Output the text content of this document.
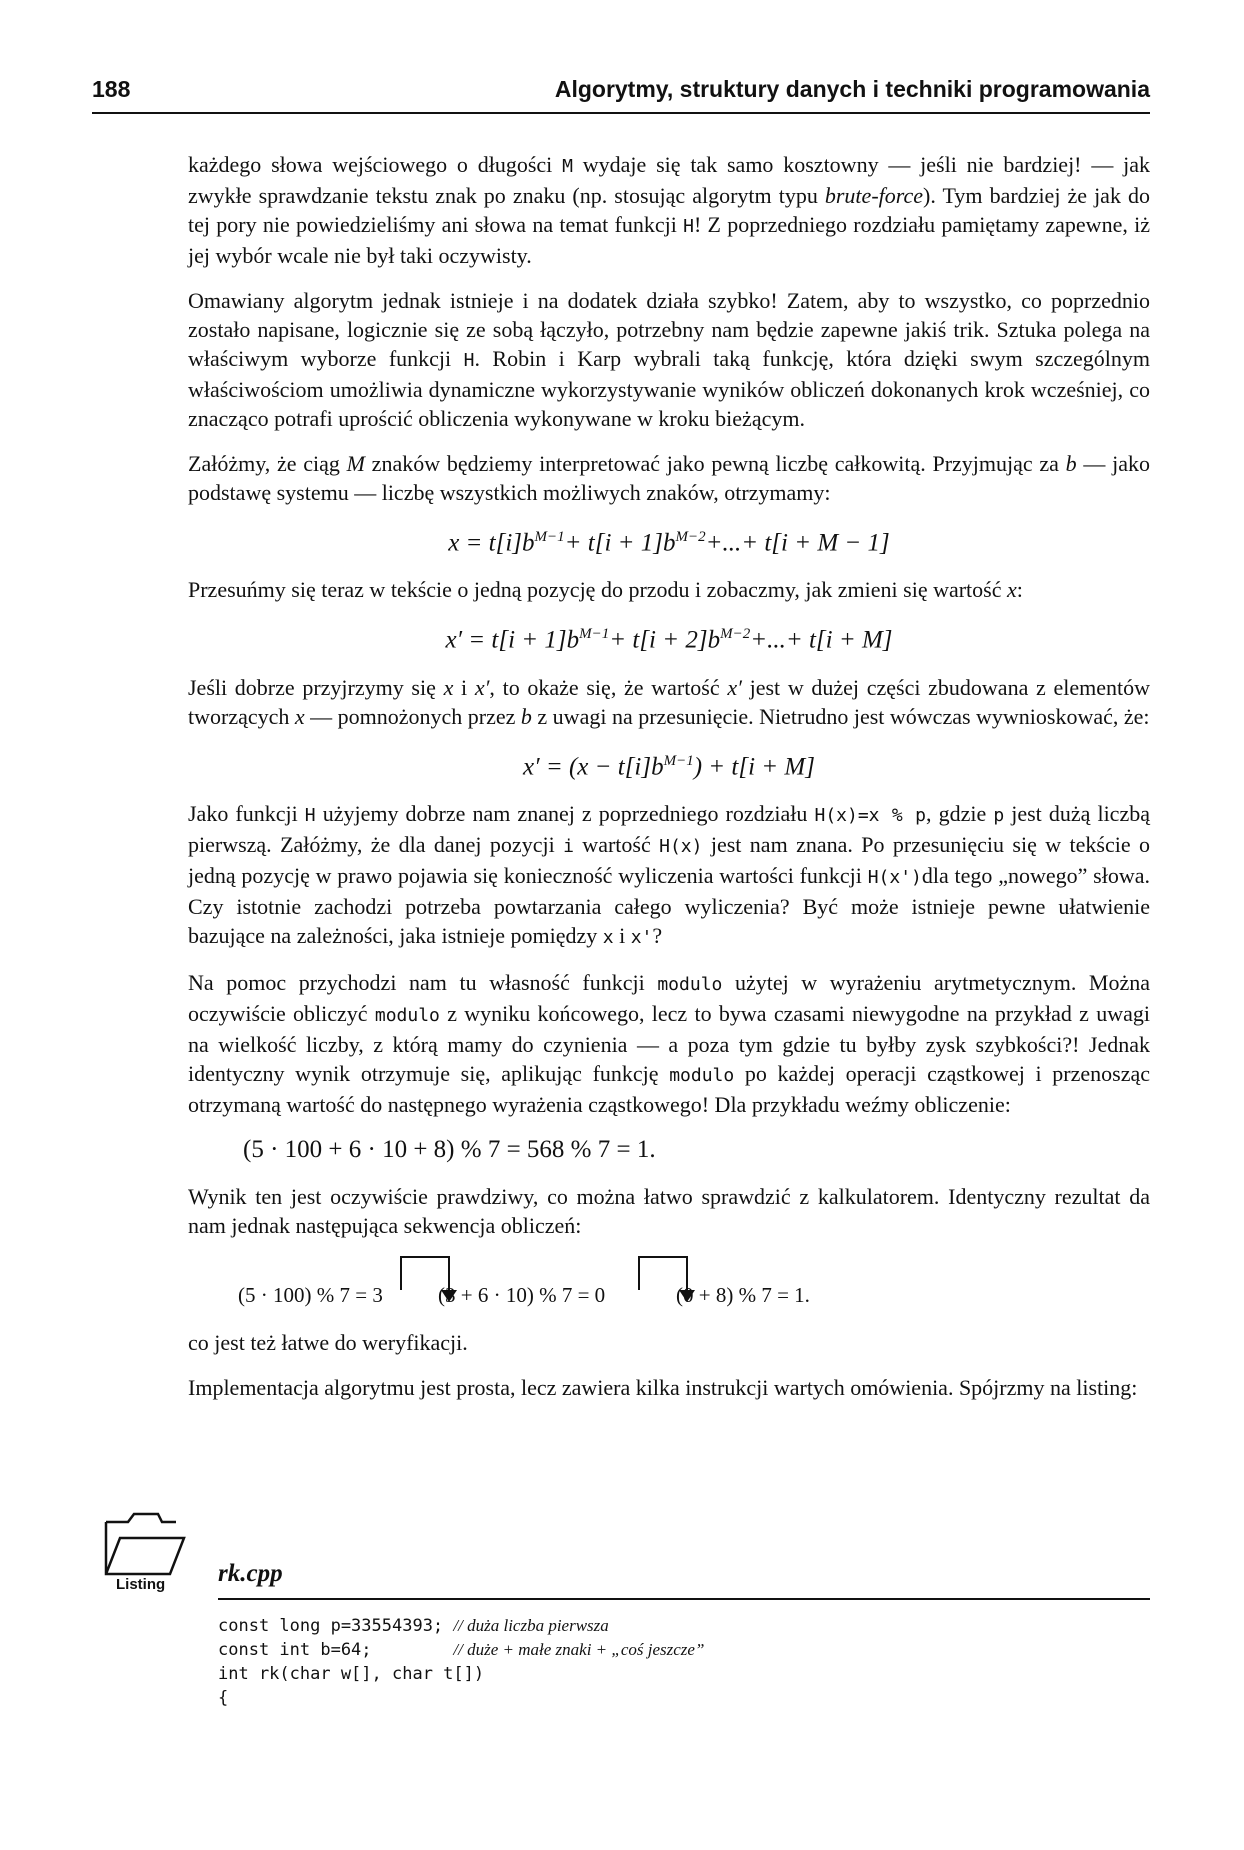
188	Algorytmy, struktury danych i techniki programowania

każdego słowa wejściowego o długości M wydaje się tak samo kosztowny — jeśli nie bardziej! — jak zwykłe sprawdzanie tekstu znak po znaku (np. stosując algorytm typu brute-force). Tym bardziej że jak do tej pory nie powiedzieliśmy ani słowa na temat funkcji H! Z poprzedniego rozdziału pamiętamy zapewne, iż jej wybór wcale nie był taki oczywisty.

Omawiany algorytm jednak istnieje i na dodatek działa szybko! Zatem, aby to wszystko, co poprzednio zostało napisane, logicznie się ze sobą łączyło, potrzebny nam będzie zapewne jakiś trik. Sztuka polega na właściwym wyborze funkcji H. Robin i Karp wybrali taką funkcję, która dzięki swym szczególnym właściwościom umożliwia dynamiczne wykorzystywanie wyników obliczeń dokonanych krok wcześniej, co znacząco potrafi uprościć obliczenia wykonywane w kroku bieżącym.

Załóżmy, że ciąg M znaków będziemy interpretować jako pewną liczbę całkowitą. Przyjmując za b — jako podstawę systemu — liczbę wszystkich możliwych znaków, otrzymamy:

$x = t[i]b^{M-1}+ t[i + 1]b^{M-2}+...+ t[i + M - 1]$

Przesuńmy się teraz w tekście o jedną pozycję do przodu i zobaczmy, jak zmieni się wartość x:

$x' = t[i + 1]b^{M-1}+ t[i + 2]b^{M-2}+...+ t[i + M]$

Jeśli dobrze przyjrzymy się x i x′, to okaże się, że wartość x′ jest w dużej części zbudowana z elementów tworzących x — pomnożonych przez b z uwagi na przesunięcie. Nietrudno jest wówczas wywnioskować, że:

$x' = (x - t[i]b^{M-1}) + t[i + M]$

Jako funkcji H użyjemy dobrze nam znanej z poprzedniego rozdziału H(x)=x % p, gdzie p jest dużą liczbą pierwszą. Załóżmy, że dla danej pozycji i wartość H(x) jest nam znana. Po przesunięciu się w tekście o jedną pozycję w prawo pojawia się konieczność wyliczenia wartości funkcji H(x')dla tego „nowego” słowa. Czy istotnie zachodzi potrzeba powtarzania całego wyliczenia? Być może istnieje pewne ułatwienie bazujące na zależności, jaka istnieje pomiędzy x i x'?

Na pomoc przychodzi nam tu własność funkcji modulo użytej w wyrażeniu arytmetycznym. Można oczywiście obliczyć modulo z wyniku końcowego, lecz to bywa czasami niewygodne na przykład z uwagi na wielkość liczby, z którą mamy do czynienia — a poza tym gdzie tu byłby zysk szybkości?! Jednak identyczny wynik otrzymuje się, aplikując funkcję modulo po każdej operacji cząstkowej i przenosząc otrzymaną wartość do następnego wyrażenia cząstkowego! Dla przykładu weźmy obliczenie:

(5 · 100 + 6 · 10 + 8) % 7 = 568 % 7 = 1.

Wynik ten jest oczywiście prawdziwy, co można łatwo sprawdzić z kalkulatorem. Identyczny rezultat da nam jednak następująca sekwencja obliczeń:

(5 · 100) % 7 = 3	(3 + 6 · 10) % 7 = 0	(0 + 8) % 7 = 1.

co jest też łatwe do weryfikacji.

Implementacja algorytmu jest prosta, lecz zawiera kilka instrukcji wartych omówienia. Spójrzmy na listing:

Listing rk.cpp
const long p=33554393; // duża liczba pierwsza
const int b=64;        // duże + małe znaki + „coś jeszcze”
int rk(char w[], char t[])
{
